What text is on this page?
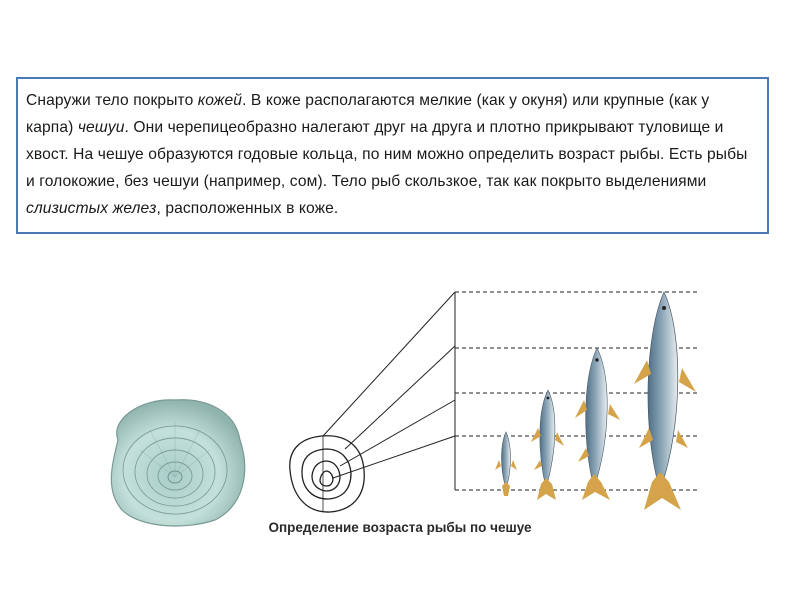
Снаружи тело покрыто кожей. В коже располагаются мелкие (как у окуня) или крупные (как у карпа) чешуи. Они черепицеобразно налегают друг на друга и плотно прикрывают туловище и хвост. На чешуе образуются годовые кольца, по ним можно определить возраст рыбы. Есть рыбы и голокожие, без чешуи (например, сом). Тело рыб скользкое, так как покрыто выделениями слизистых желез, расположенных в коже.
Определение возраста рыбы по чешуе
